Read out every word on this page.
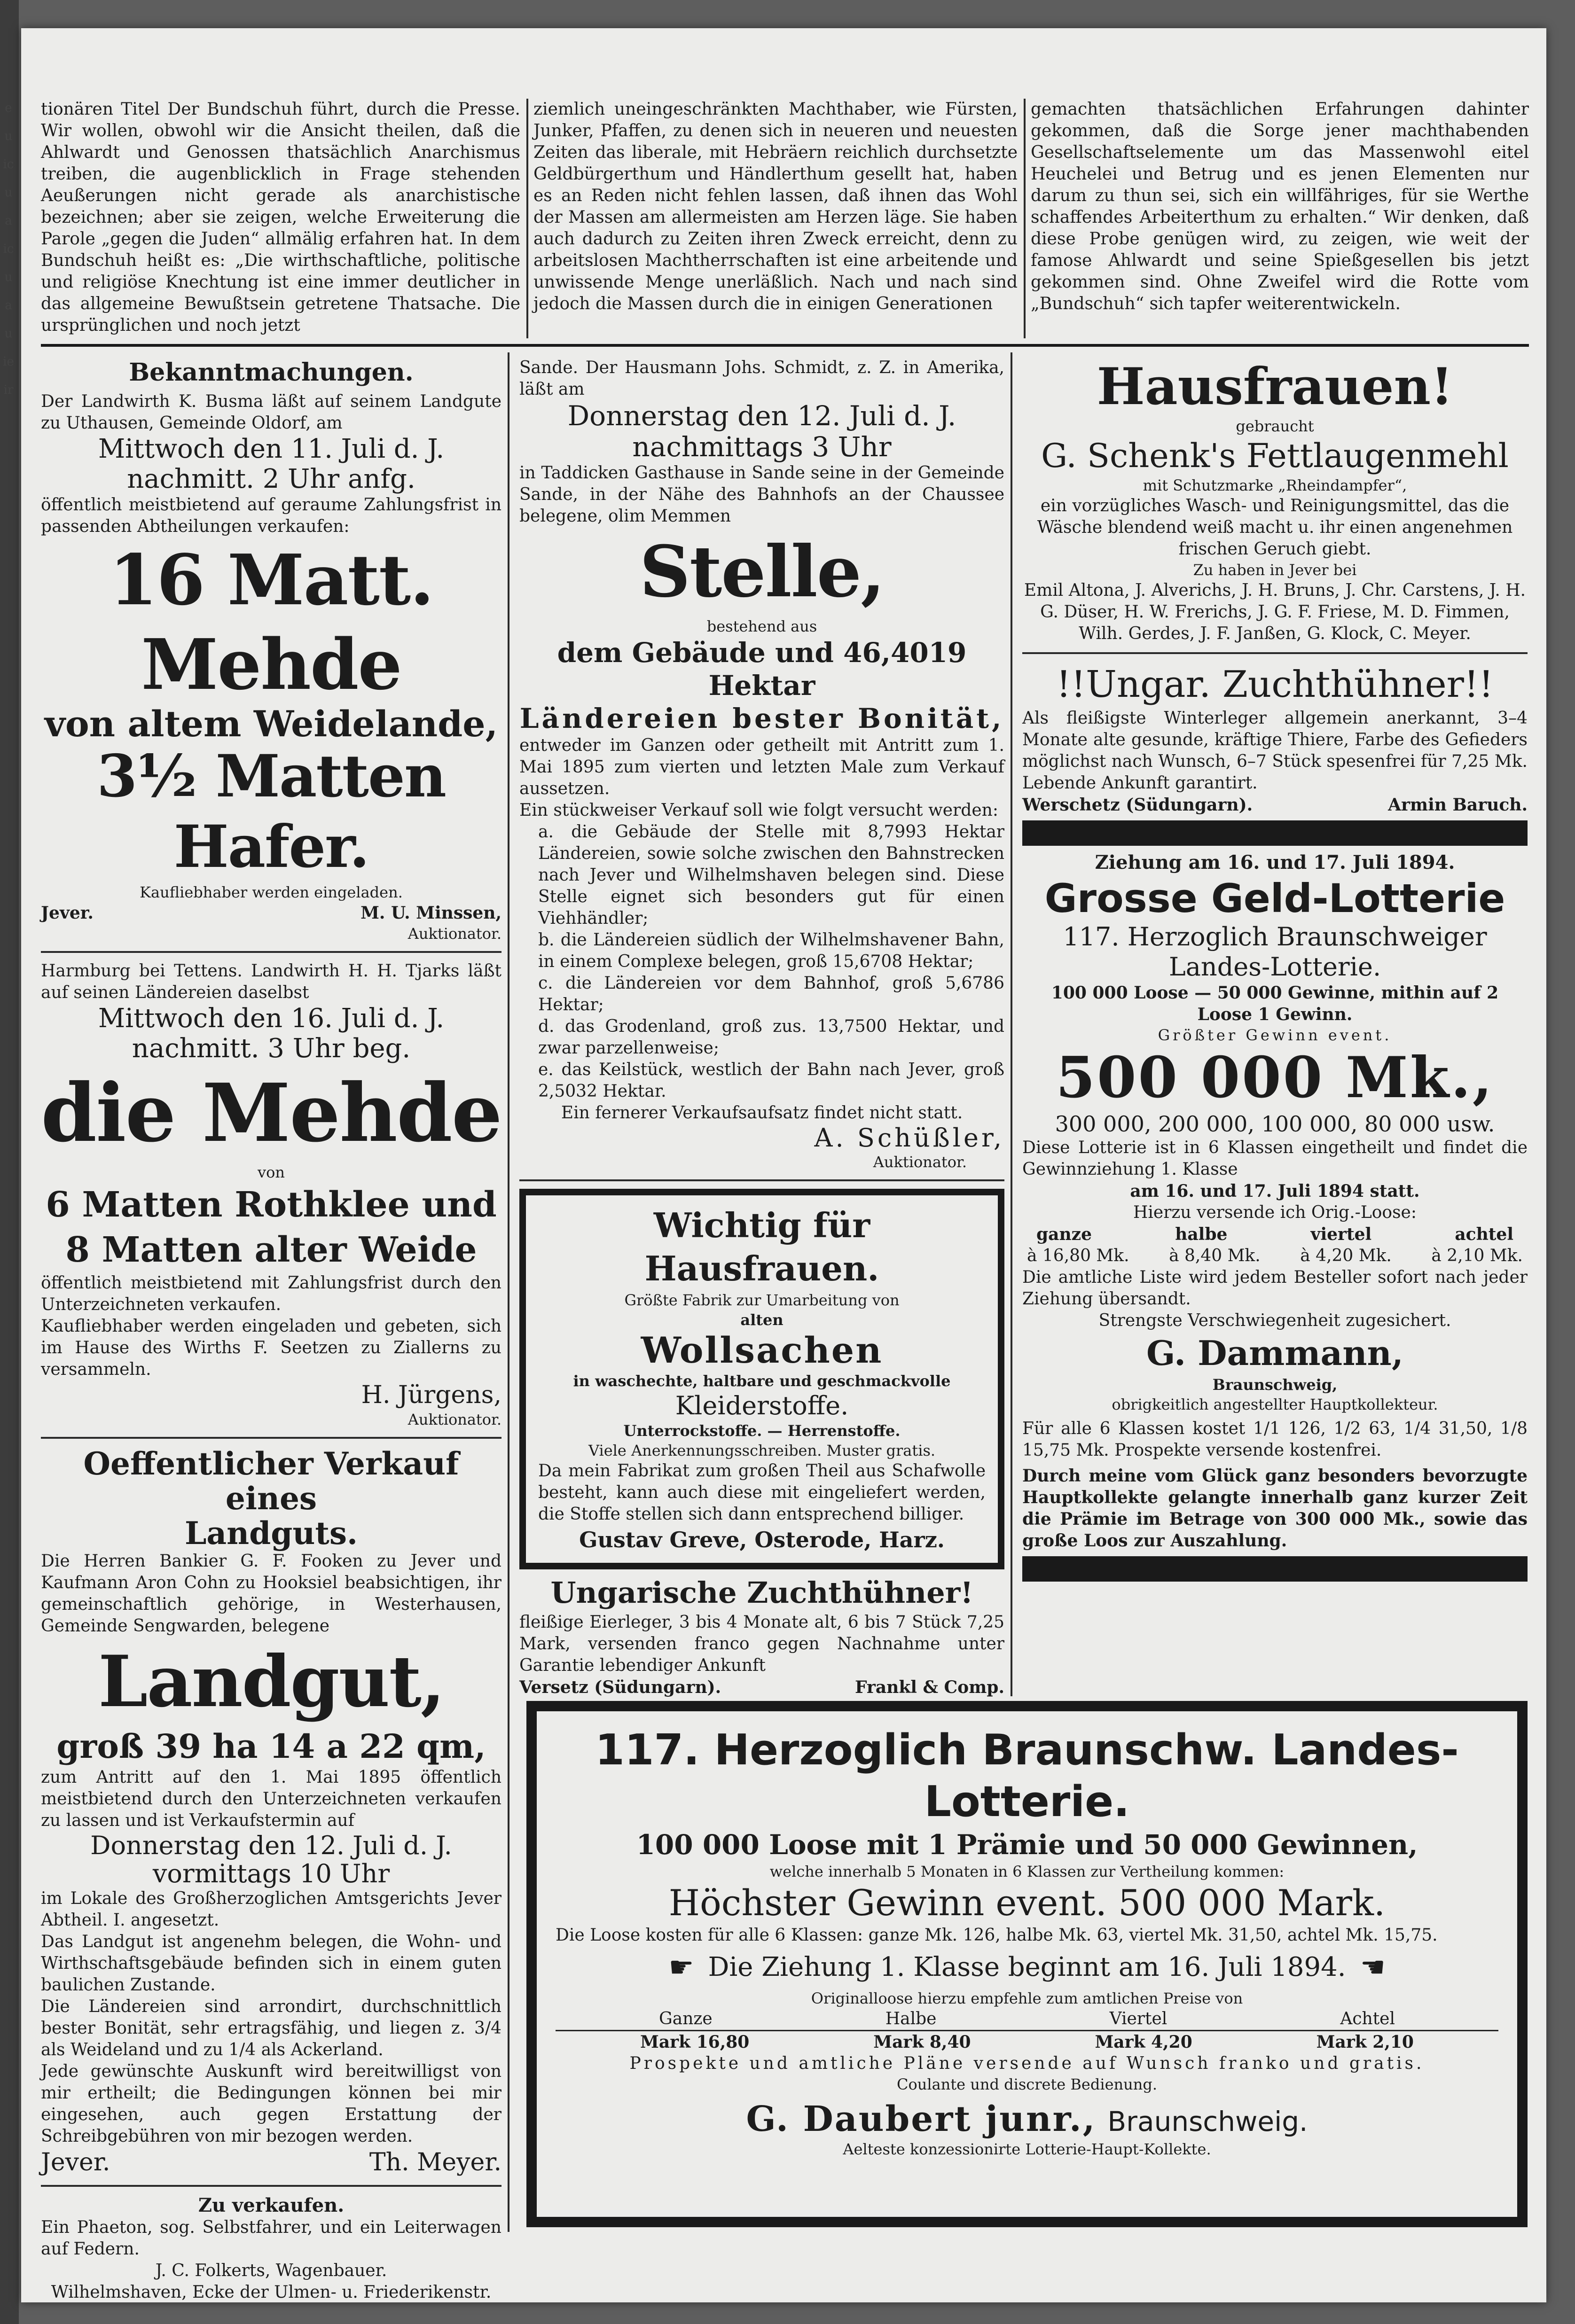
e
u
ic
u
a
ic
u
a
u
ie
ir
tionären Titel Der Bundschuh führt, durch die Presse. Wir wollen, obwohl wir die Ansicht theilen, daß die Ahlwardt und Genossen thatsächlich Anarchismus treiben, die augenblicklich in Frage stehenden Aeußerungen nicht gerade als anarchistische bezeichnen; aber sie zeigen, welche Erweiterung die Parole „gegen die Juden“ allmälig erfahren hat. In dem Bundschuh heißt es: „Die wirthschaftliche, politische und religiöse Knechtung ist eine immer deutlicher in das allgemeine Bewußtsein getretene Thatsache. Die ursprünglichen und noch jetzt
ziemlich uneingeschränkten Machthaber, wie Fürsten, Junker, Pfaffen, zu denen sich in neueren und neuesten Zeiten das liberale, mit Hebräern reichlich durchsetzte Geldbürgerthum und Händlerthum gesellt hat, haben es an Reden nicht fehlen lassen, daß ihnen das Wohl der Massen am allermeisten am Herzen läge. Sie haben auch dadurch zu Zeiten ihren Zweck erreicht, denn zu arbeitslosen Machtherrschaften ist eine arbeitende und unwissende Menge unerläßlich. Nach und nach sind jedoch die Massen durch die in einigen Generationen
gemachten thatsächlichen Erfahrungen dahinter gekommen, daß die Sorge jener machthabenden Gesellschaftselemente um das Massenwohl eitel Heuchelei und Betrug und es jenen Elementen nur darum zu thun sei, sich ein willfähriges, für sie Werthe schaffendes Arbeiterthum zu erhalten.“ Wir denken, daß diese Probe genügen wird, zu zeigen, wie weit der famose Ahlwardt und seine Spießgesellen bis jetzt gekommen sind. Ohne Zweifel wird die Rotte vom „Bundschuh“ sich tapfer weiterentwickeln.

Bekanntmachungen.

Der Landwirth K. Busma läßt auf seinem Landgute zu Uthausen, Gemeinde Oldorf, am

Mittwoch den 11. Juli d. J.

nachmitt. 2 Uhr anfg.

öffentlich meistbietend auf geraume Zahlungsfrist in passenden Abtheilungen verkaufen:

16 Matt. Mehde

von altem Weidelande,

3½ Matten Hafer.

Kaufliebhaber werden eingeladen.

Jever.	M. U. Minssen,

Auktionator.

Harmburg bei Tettens. Landwirth H. H. Tjarks läßt auf seinen Ländereien daselbst

Mittwoch den 16. Juli d. J.

nachmitt. 3 Uhr beg.

die Mehde

von

6 Matten Rothklee und

8 Matten alter Weide

öffentlich meistbietend mit Zahlungsfrist durch den Unterzeichneten verkaufen.

Kaufliebhaber werden eingeladen und gebeten, sich im Hause des Wirths F. Seetzen zu Ziallerns zu versammeln.

H. Jürgens,

Auktionator.

Oeffentlicher Verkauf eines

Landguts.

Die Herren Bankier G. F. Fooken zu Jever und Kaufmann Aron Cohn zu Hooksiel beabsichtigen, ihr gemeinschaftlich gehörige, in Westerhausen, Gemeinde Sengwarden, belegene

Landgut,

groß 39 ha 14 a 22 qm,

zum Antritt auf den 1. Mai 1895 öffentlich meistbietend durch den Unterzeichneten verkaufen zu lassen und ist Verkaufstermin auf

Donnerstag den 12. Juli d. J.

vormittags 10 Uhr

im Lokale des Großherzoglichen Amtsgerichts Jever Abtheil. I. angesetzt.

Das Landgut ist angenehm belegen, die Wohn- und Wirthschaftsgebäude befinden sich in einem guten baulichen Zustande.

Die Ländereien sind arrondirt, durchschnittlich bester Bonität, sehr ertragsfähig, und liegen z. 3/4 als Weideland und zu 1/4 als Ackerland.

Jede gewünschte Auskunft wird bereitwilligst von mir ertheilt; die Bedingungen können bei mir eingesehen, auch gegen Erstattung der Schreibgebühren von mir bezogen werden.

Jever.	Th. Meyer.

Zu verkaufen.

Ein Phaeton, sog. Selbstfahrer, und ein Leiterwagen auf Federn.

J. C. Folkerts, Wagenbauer.

Wilhelmshaven, Ecke der Ulmen- u. Friederikenstr.

Sande. Der Hausmann Johs. Schmidt, z. Z. in Amerika, läßt am

Donnerstag den 12. Juli d. J.

nachmittags 3 Uhr

in Taddicken Gasthause in Sande seine in der Gemeinde Sande, in der Nähe des Bahnhofs an der Chaussee belegene, olim Memmen

Stelle,

bestehend aus

dem Gebäude und 46,4019 Hektar

Ländereien bester Bonität,

entweder im Ganzen oder getheilt mit Antritt zum 1. Mai 1895 zum vierten und letzten Male zum Verkauf aussetzen.

Ein stückweiser Verkauf soll wie folgt versucht werden:

a. die Gebäude der Stelle mit 8,7993 Hektar Ländereien, sowie solche zwischen den Bahnstrecken nach Jever und Wilhelmshaven belegen sind. Diese Stelle eignet sich besonders gut für einen Viehhändler;

b. die Ländereien südlich der Wilhelmshavener Bahn, in einem Complexe belegen, groß 15,6708 Hektar;

c. die Ländereien vor dem Bahnhof, groß 5,6786 Hektar;

d. das Grodenland, groß zus. 13,7500 Hektar, und zwar parzellenweise;

e. das Keilstück, westlich der Bahn nach Jever, groß 2,5032 Hektar.

Ein fernerer Verkaufsaufsatz findet nicht statt.

A. Schüßler,

Auktionator.

Wichtig für Hausfrauen.

Größte Fabrik zur Umarbeitung von

alten

Wollsachen

in waschechte, haltbare und geschmackvolle

Kleiderstoffe.

Unterrockstoffe. — Herrenstoffe.

Viele Anerkennungsschreiben. Muster gratis.

Da mein Fabrikat zum großen Theil aus Schafwolle besteht, kann auch diese mit eingeliefert werden, die Stoffe stellen sich dann entsprechend billiger.

Gustav Greve, Osterode, Harz.

Ungarische Zuchthühner!

fleißige Eierleger, 3 bis 4 Monate alt, 6 bis 7 Stück 7,25 Mark, versenden franco gegen Nachnahme unter Garantie lebendiger Ankunft

Versetz (Südungarn).	Frankl & Comp.

Hausfrauen!

gebraucht

G. Schenk's Fettlaugenmehl

mit Schutzmarke „Rheindampfer“,

ein vorzügliches Wasch- und Reinigungsmittel, das die Wäsche blendend weiß macht u. ihr einen angenehmen frischen Geruch giebt.

Zu haben in Jever bei

Emil Altona, J. Alverichs, J. H. Bruns, J. Chr. Carstens, J. H. G. Düser, H. W. Frerichs, J. G. F. Friese, M. D. Fimmen, Wilh. Gerdes, J. F. Janßen, G. Klock, C. Meyer.

!!Ungar. Zuchthühner!!

Als fleißigste Winterleger allgemein anerkannt, 3–4 Monate alte gesunde, kräftige Thiere, Farbe des Gefieders möglichst nach Wunsch, 6–7 Stück spesenfrei für 7,25 Mk. Lebende Ankunft garantirt.

Werschetz (Südungarn).	Armin Baruch.

Ziehung am 16. und 17. Juli 1894.

Grosse Geld-Lotterie

117. Herzoglich Braunschweiger

Landes-Lotterie.

100 000 Loose — 50 000 Gewinne, mithin auf 2 Loose 1 Gewinn.

Größter Gewinn event.

500 000 Mk.,

300 000, 200 000, 100 000, 80 000 usw.

Diese Lotterie ist in 6 Klassen eingetheilt und findet die Gewinnziehung 1. Klasse

am 16. und 17. Juli 1894 statt.

Hierzu versende ich Orig.-Loose:

ganze	halbe	viertel	achtel
à 16,80 Mk. à 8,40 Mk. à 4,20 Mk. à 2,10 Mk.

Die amtliche Liste wird jedem Besteller sofort nach jeder Ziehung übersandt.

Strengste Verschwiegenheit zugesichert.

G. Dammann,

Braunschweig,

obrigkeitlich angestellter Hauptkollekteur.

Für alle 6 Klassen kostet 1/1 126, 1/2 63, 1/4 31,50, 1/8 15,75 Mk. Prospekte versende kostenfrei.

Durch meine vom Glück ganz besonders bevorzugte Hauptkollekte gelangte innerhalb ganz kurzer Zeit die Prämie im Betrage von 300 000 Mk., sowie das große Loos zur Auszahlung.

117. Herzoglich Braunschw. Landes-Lotterie.

100 000 Loose mit 1 Prämie und 50 000 Gewinnen,

welche innerhalb 5 Monaten in 6 Klassen zur Vertheilung kommen:

Höchster Gewinn event. 500 000 Mark.

Die Loose kosten für alle 6 Klassen: ganze Mk. 126, halbe Mk. 63, viertel Mk. 31,50, achtel Mk. 15,75.

☛ Die Ziehung 1. Klasse beginnt am 16. Juli 1894. ☛

Originalloose hierzu empfehle zum amtlichen Preise von

Ganze	Halbe	Viertel	Achtel
Mark 16,80	Mark 8,40	Mark 4,20	Mark 2,10

Prospekte und amtliche Pläne versende auf Wunsch franko und gratis.

Coulante und discrete Bedienung.

G. Daubert junr., Braunschweig.

Aelteste konzessionirte Lotterie-Haupt-Kollekte.
